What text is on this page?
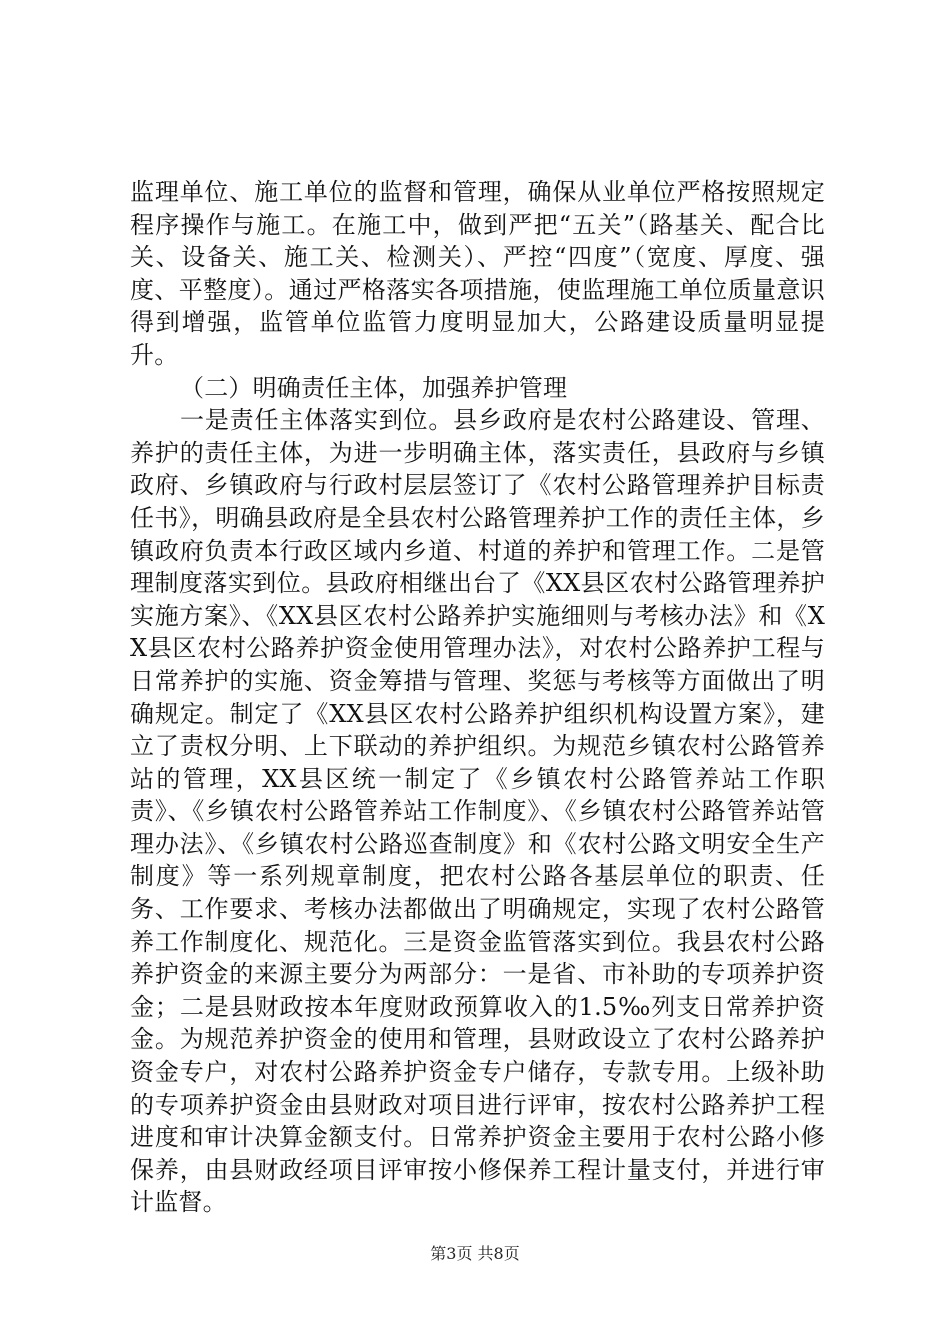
监理单位、施工单位的监督和管理，确保从业单位严格按照规定程序操作与施工。在施工中，做到严把“五关”（路基关、配合比关、设备关、施工关、检测关）、严控“四度”（宽度、厚度、强度、平整度）。通过严格落实各项措施，使监理施工单位质量意识得到增强，监管单位监管力度明显加大，公路建设质量明显提升。

（二）明确责任主体，加强养护管理

一是责任主体落实到位。县乡政府是农村公路建设、管理、养护的责任主体，为进一步明确主体，落实责任，县政府与乡镇政府、乡镇政府与行政村层层签订了《农村公路管理养护目标责任书》，明确县政府是全县农村公路管理养护工作的责任主体，乡镇政府负责本行政区域内乡道、村道的养护和管理工作。二是管理制度落实到位。县政府相继出台了《XX县区农村公路管理养护实施方案》、《XX县区农村公路养护实施细则与考核办法》和《XX县区农村公路养护资金使用管理办法》，对农村公路养护工程与日常养护的实施、资金筹措与管理、奖惩与考核等方面做出了明确规定。制定了《XX县区农村公路养护组织机构设置方案》，建立了责权分明、上下联动的养护组织。为规范乡镇农村公路管养站的管理，XX县区统一制定了《乡镇农村公路管养站工作职责》、《乡镇农村公路管养站工作制度》、《乡镇农村公路管养站管理办法》、《乡镇农村公路巡查制度》和《农村公路文明安全生产制度》等一系列规章制度，把农村公路各基层单位的职责、任务、工作要求、考核办法都做出了明确规定，实现了农村公路管养工作制度化、规范化。三是资金监管落实到位。我县农村公路养护资金的来源主要分为两部分：一是省、市补助的专项养护资金；二是县财政按本年度财政预算收入的1.5‰列支日常养护资金。为规范养护资金的使用和管理，县财政设立了农村公路养护资金专户，对农村公路养护资金专户储存，专款专用。上级补助的专项养护资金由县财政对项目进行评审，按农村公路养护工程进度和审计决算金额支付。日常养护资金主要用于农村公路小修保养，由县财政经项目评审按小修保养工程计量支付，并进行审计监督。

第3页 共8页
